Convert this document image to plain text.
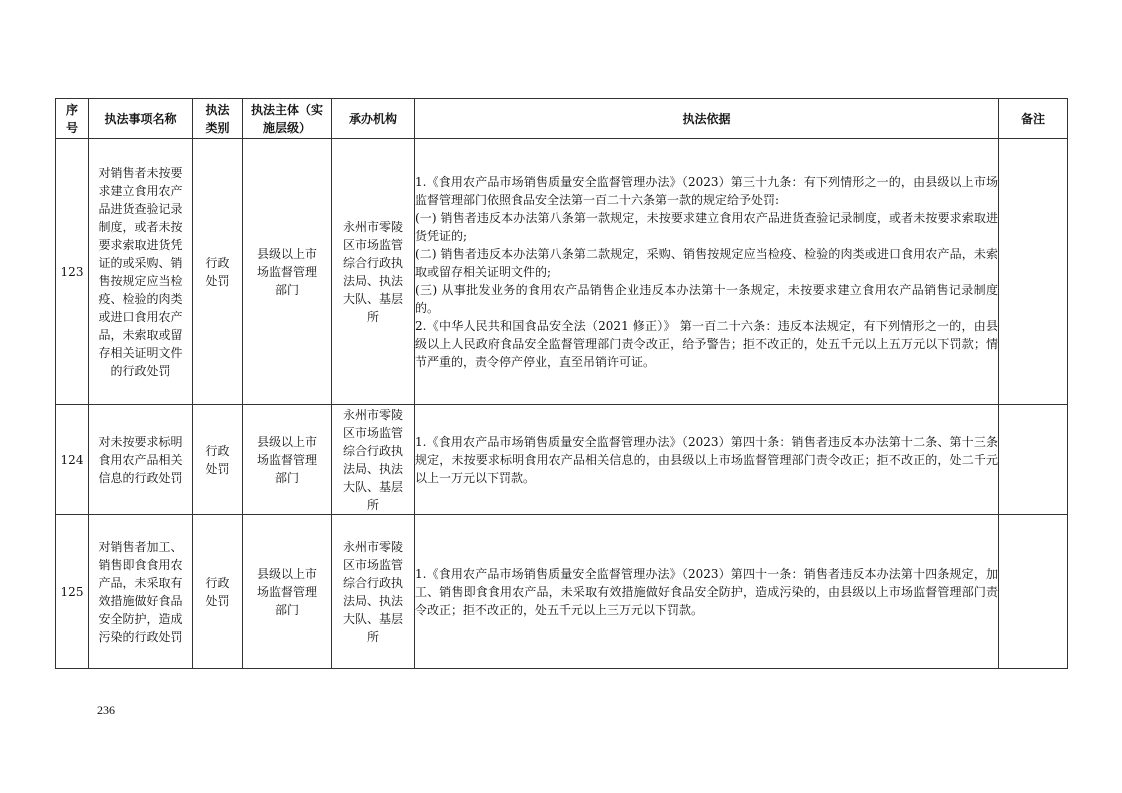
序号	执法事项名称	执法类别	执法主体（实施层级）	承办机构	执法依据	备注
123	对销售者未按要求建立食用农产品进货查验记录制度，或者未按要求索取进货凭证的或采购、销售按规定应当检疫、检验的肉类或进口食用农产品，未索取或留存相关证明文件的行政处罚	行政处罚	县级以上市场监督管理部门	永州市零陵区市场监管综合行政执法局、执法大队、基层所	1.《食用农产品市场销售质量安全监督管理办法》（2023）第三十九条：有下列情形之一的，由县级以上市场监督管理部门依照食品安全法第一百二十六条第一款的规定给予处罚:

(一) 销售者违反本办法第八条第一款规定，未按要求建立食用农产品进货查验记录制度，或者未按要求索取进货凭证的;

(二) 销售者违反本办法第八条第二款规定，采购、销售按规定应当检疫、检验的肉类或进口食用农产品，未索取或留存相关证明文件的;

(三) 从事批发业务的食用农产品销售企业违反本办法第十一条规定，未按要求建立食用农产品销售记录制度的。

2.《中华人民共和国食品安全法（2021 修正）》 第一百二十六条：违反本法规定，有下列情形之一的，由县级以上人民政府食品安全监督管理部门责令改正，给予警告；拒不改正的，处五千元以上五万元以下罚款；情节严重的，责令停产停业，直至吊销许可证。	

124	对未按要求标明食用农产品相关信息的行政处罚	行政处罚	县级以上市场监督管理部门	永州市零陵区市场监管综合行政执法局、执法大队、基层所	1.《食用农产品市场销售质量安全监督管理办法》（2023）第四十条：销售者违反本办法第十二条、第十三条规定，未按要求标明食用农产品相关信息的，由县级以上市场监督管理部门责令改正；拒不改正的，处二千元以上一万元以下罚款。	

125	对销售者加工、销售即食食用农产品，未采取有效措施做好食品安全防护，造成污染的行政处罚	行政处罚	县级以上市场监督管理部门	永州市零陵区市场监管综合行政执法局、执法大队、基层所	1.《食用农产品市场销售质量安全监督管理办法》（2023）第四十一条：销售者违反本办法第十四条规定，加工、销售即食食用农产品，未采取有效措施做好食品安全防护，造成污染的，由县级以上市场监督管理部门责令改正；拒不改正的，处五千元以上三万元以下罚款。	

236
